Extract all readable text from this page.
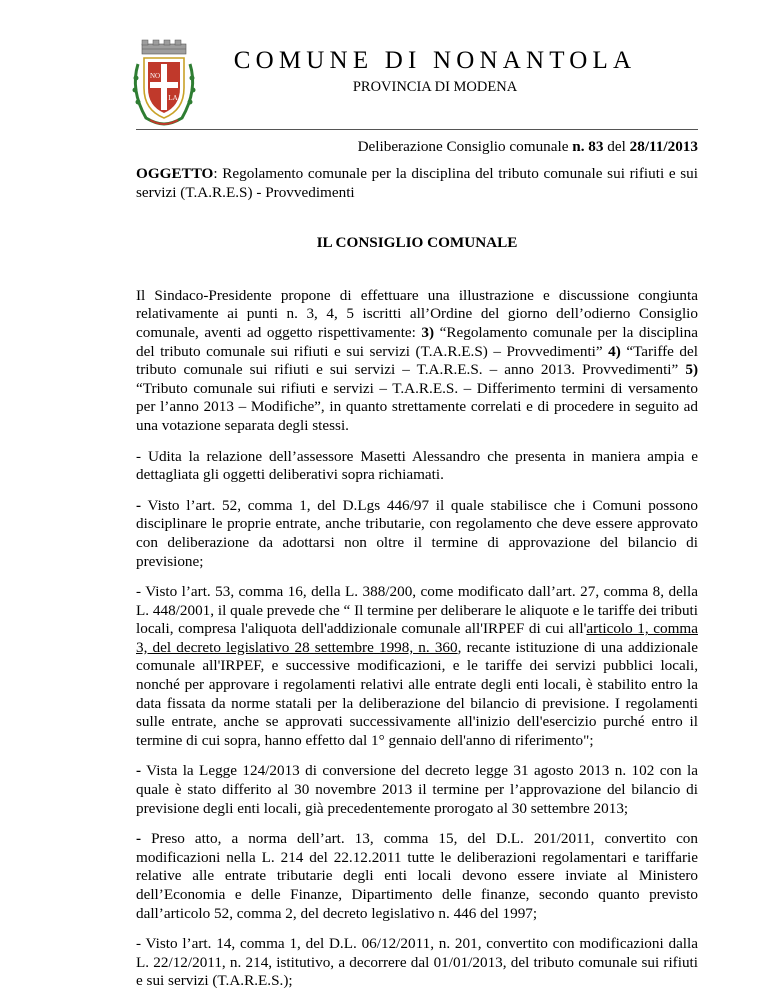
NO
LA
COMUNE DI NONANTOLA
PROVINCIA DI MODENA
Deliberazione Consiglio comunale n. 83 del 28/11/2013

OGGETTO: Regolamento comunale per la disciplina del tributo comunale sui rifiuti e sui servizi (T.A.R.E.S) - Provvedimenti

IL CONSIGLIO COMUNALE

Il Sindaco-Presidente propone di effettuare una illustrazione e discussione congiunta relativamente ai punti n. 3, 4, 5 iscritti all’Ordine del giorno dell’odierno Consiglio comunale, aventi ad oggetto rispettivamente: 3) “Regolamento comunale per la disciplina del tributo comunale sui rifiuti e sui servizi (T.A.R.E.S) – Provvedimenti” 4) “Tariffe del tributo comunale sui rifiuti e sui servizi – T.A.R.E.S. – anno 2013. Provvedimenti” 5) “Tributo comunale sui rifiuti e servizi – T.A.R.E.S. – Differimento termini di versamento per l’anno 2013 – Modifiche”, in quanto strettamente correlati e di procedere in seguito ad una votazione separata degli stessi.

- Udita la relazione dell’assessore Masetti Alessandro che presenta in maniera ampia e dettagliata gli oggetti deliberativi sopra richiamati.

- Visto l’art. 52, comma 1, del D.Lgs 446/97 il quale stabilisce che i Comuni possono disciplinare le proprie entrate, anche tributarie, con regolamento che deve essere approvato con deliberazione da adottarsi non oltre il termine di approvazione del bilancio di previsione;

- Visto l’art. 53, comma 16, della L. 388/200, come modificato dall’art. 27, comma 8, della L. 448/2001, il quale prevede che “ Il termine per deliberare le aliquote e le tariffe dei tributi locali, compresa l'aliquota dell'addizionale comunale all'IRPEF di cui all'articolo 1, comma 3, del decreto legislativo 28 settembre 1998, n. 360, recante istituzione di una addizionale comunale all'IRPEF, e successive modificazioni, e le tariffe dei servizi pubblici locali, nonché per approvare i regolamenti relativi alle entrate degli enti locali, è stabilito entro la data fissata da norme statali per la deliberazione del bilancio di previsione. I regolamenti sulle entrate, anche se approvati successivamente all'inizio dell'esercizio purché entro il termine di cui sopra, hanno effetto dal 1° gennaio dell'anno di riferimento";

- Vista la Legge 124/2013 di conversione del decreto legge 31 agosto 2013 n. 102 con la quale è stato differito al 30 novembre 2013 il termine per l’approvazione del bilancio di previsione degli enti locali, già precedentemente prorogato al 30 settembre 2013;

- Preso atto, a norma dell’art. 13, comma 15, del D.L. 201/2011, convertito con modificazioni nella L. 214 del 22.12.2011 tutte le deliberazioni regolamentari e tariffarie relative alle entrate tributarie degli enti locali devono essere inviate al Ministero dell’Economia e delle Finanze, Dipartimento delle finanze, secondo quanto previsto dall’articolo 52, comma 2, del decreto legislativo n. 446 del 1997;

- Visto l’art. 14, comma 1, del D.L. 06/12/2011, n. 201, convertito con modificazioni dalla L. 22/12/2011, n. 214, istitutivo, a decorrere dal 01/01/2013, del tributo comunale sui rifiuti e sui servizi (T.A.R.E.S.);
